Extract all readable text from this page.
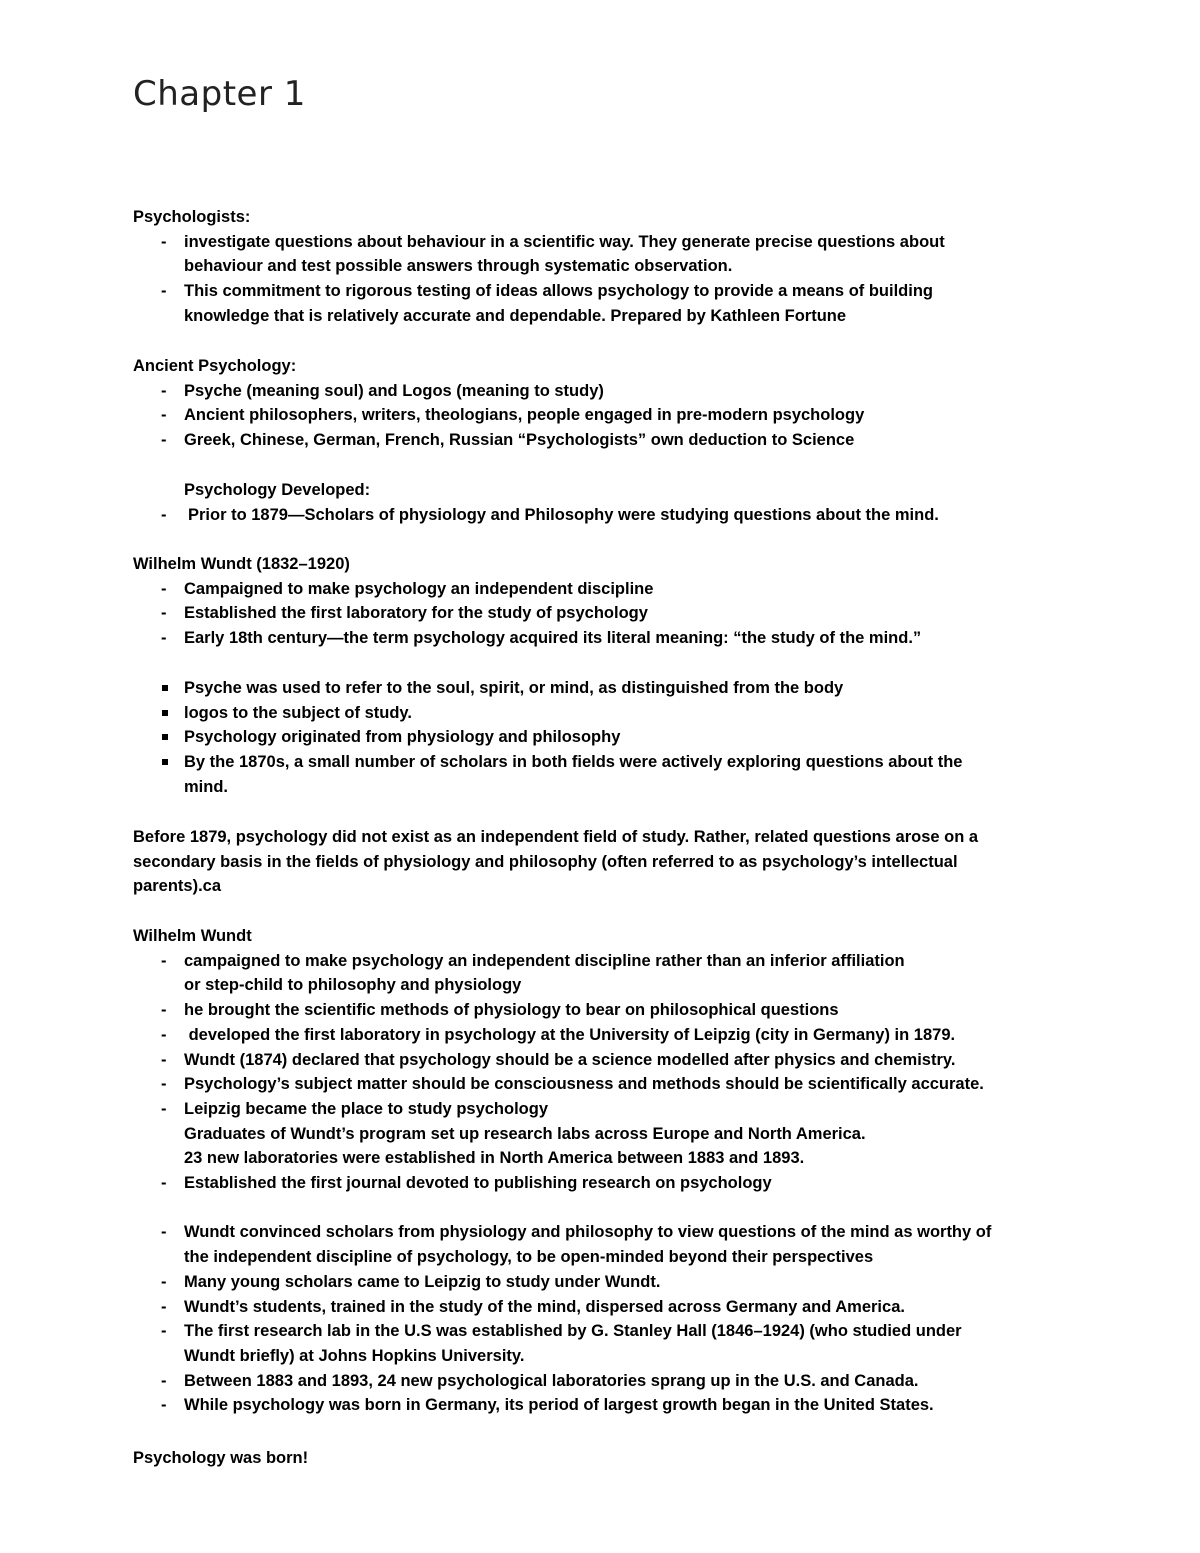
Chapter 1
Psychologists:
-	investigate questions about behaviour in a scientific way. They generate precise questions about
behaviour and test possible answers through systematic observation.
-	This commitment to rigorous testing of ideas allows psychology to provide a means of building
knowledge that is relatively accurate and dependable. Prepared by Kathleen Fortune
Ancient Psychology:
-	Psyche (meaning soul) and Logos (meaning to study)
-	Ancient philosophers, writers, theologians, people engaged in pre-modern psychology
-	Greek, Chinese, German, French, Russian “Psychologists” own deduction to Science
Psychology Developed:
-	Prior to 1879—Scholars of physiology and Philosophy were studying questions about the mind.
Wilhelm Wundt (1832–1920)
-	Campaigned to make psychology an independent discipline
-	Established the first laboratory for the study of psychology
-	Early 18th century—the term psychology acquired its literal meaning: “the study of the mind.”
Psyche was used to refer to the soul, spirit, or mind, as distinguished from the body
logos to the subject of study.
Psychology originated from physiology and philosophy
By the 1870s, a small number of scholars in both fields were actively exploring questions about the
mind.
Before 1879, psychology did not exist as an independent field of study. Rather, related questions arose on a
secondary basis in the fields of physiology and philosophy (often referred to as psychology’s intellectual
parents).ca
Wilhelm Wundt
-	campaigned to make psychology an independent discipline rather than an inferior affiliation
or step-child to philosophy and physiology
-	he brought the scientific methods of physiology to bear on philosophical questions
-	developed the first laboratory in psychology at the University of Leipzig (city in Germany) in 1879.
-	Wundt (1874) declared that psychology should be a science modelled after physics and chemistry.
-	Psychology’s subject matter should be consciousness and methods should be scientifically accurate.
-	Leipzig became the place to study psychology
Graduates of Wundt’s program set up research labs across Europe and North America.
23 new laboratories were established in North America between 1883 and 1893.
-	Established the first journal devoted to publishing research on psychology
-	Wundt convinced scholars from physiology and philosophy to view questions of the mind as worthy of
the independent discipline of psychology, to be open-minded beyond their perspectives
-	Many young scholars came to Leipzig to study under Wundt.
-	Wundt’s students, trained in the study of the mind, dispersed across Germany and America.
-	The first research lab in the U.S was established by G. Stanley Hall (1846–1924) (who studied under
Wundt briefly) at Johns Hopkins University.
-	Between 1883 and 1893, 24 new psychological laboratories sprang up in the U.S. and Canada.
-	While psychology was born in Germany, its period of largest growth began in the United States.
Psychology was born!
